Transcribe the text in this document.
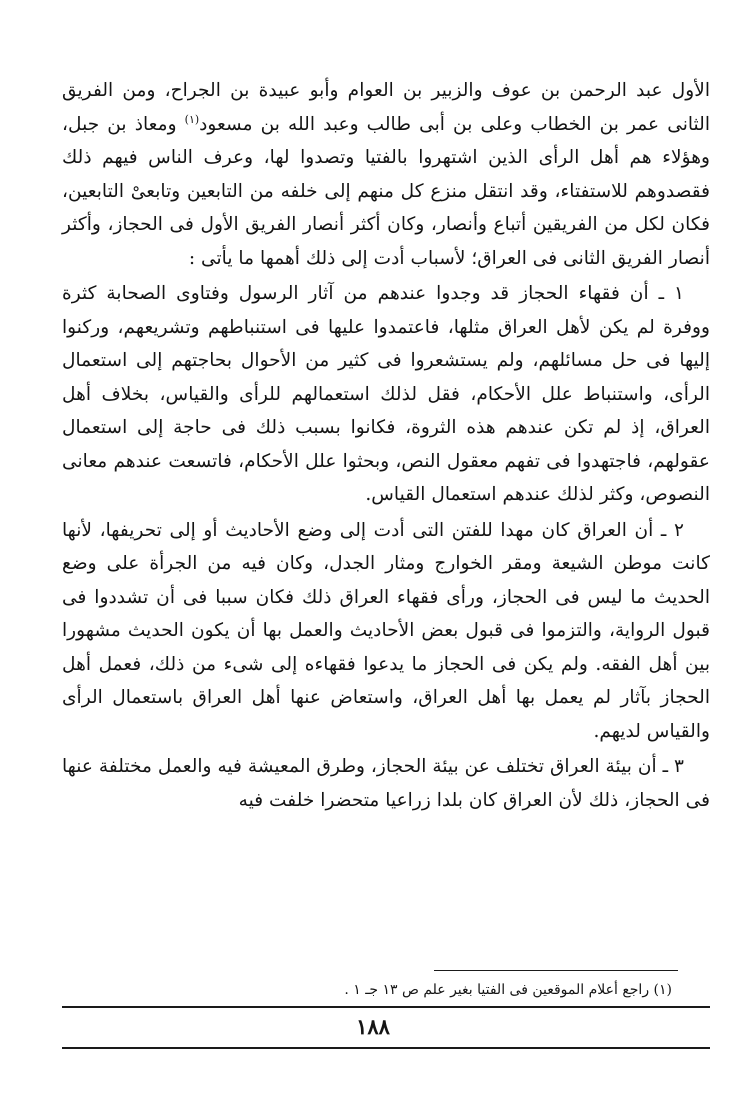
الأول عبد الرحمن بن عوف والزبير بن العوام وأبو عبيدة بن الجراح، ومن الفريق الثانى عمر بن الخطاب وعلى بن أبى طالب وعبد الله بن مسعود$^{(١)}$ ومعاذ بن جبل، وهؤلاء هم أهل الرأى الذين اشتهروا بالفتيا وتصدوا لها، وعرف الناس فيهم ذلك فقصدوهم للاستفتاء، وقد انتقل منزع كل منهم إلى خلفه من التابعين وتابعىْ التابعين، فكان لكل من الفريقين أتباع وأنصار، وكان أكثر أنصار الفريق الأول فى الحجاز، وأكثر أنصار الفريق الثانى فى العراق؛ لأسباب أدت إلى ذلك أهمها ما يأتى :

١ ـ أن فقهاء الحجاز قد وجدوا عندهم من آثار الرسول وفتاوى الصحابة كثرة ووفرة لم يكن لأهل العراق مثلها، فاعتمدوا عليها فى استنباطهم وتشريعهم، وركنوا إليها فى حل مسائلهم، ولم يستشعروا فى كثير من الأحوال بحاجتهم إلى استعمال الرأى، واستنباط علل الأحكام، فقل لذلك استعمالهم للرأى والقياس، بخلاف أهل العراق، إذ لم تكن عندهم هذه الثروة، فكانوا بسبب ذلك فى حاجة إلى استعمال عقولهم، فاجتهدوا فى تفهم معقول النص، وبحثوا علل الأحكام، فاتسعت عندهم معانى النصوص، وكثر لذلك عندهم استعمال القياس.

٢ ـ أن العراق كان مهدا للفتن التى أدت إلى وضع الأحاديث أو إلى تحريفها، لأنها كانت موطن الشيعة ومقر الخوارج ومثار الجدل، وكان فيه من الجرأة على وضع الحديث ما ليس فى الحجاز، ورأى فقهاء العراق ذلك فكان سببا فى أن تشددوا فى قبول الرواية، والتزموا فى قبول بعض الأحاديث والعمل بها أن يكون الحديث مشهورا بين أهل الفقه. ولم يكن فى الحجاز ما يدعوا فقهاءه إلى شىء من ذلك، فعمل أهل الحجاز بآثار لم يعمل بها أهل العراق، واستعاض عنها أهل العراق باستعمال الرأى والقياس لديهم.

٣ ـ أن بيئة العراق تختلف عن بيئة الحجاز، وطرق المعيشة فيه والعمل مختلفة عنها فى الحجاز، ذلك لأن العراق كان بلدا زراعيا متحضرا خلفت فيه

(١) راجع أعلام الموقعين فى الفتيا بغير علم ص ١٣ جـ ١ .
١٨٨
